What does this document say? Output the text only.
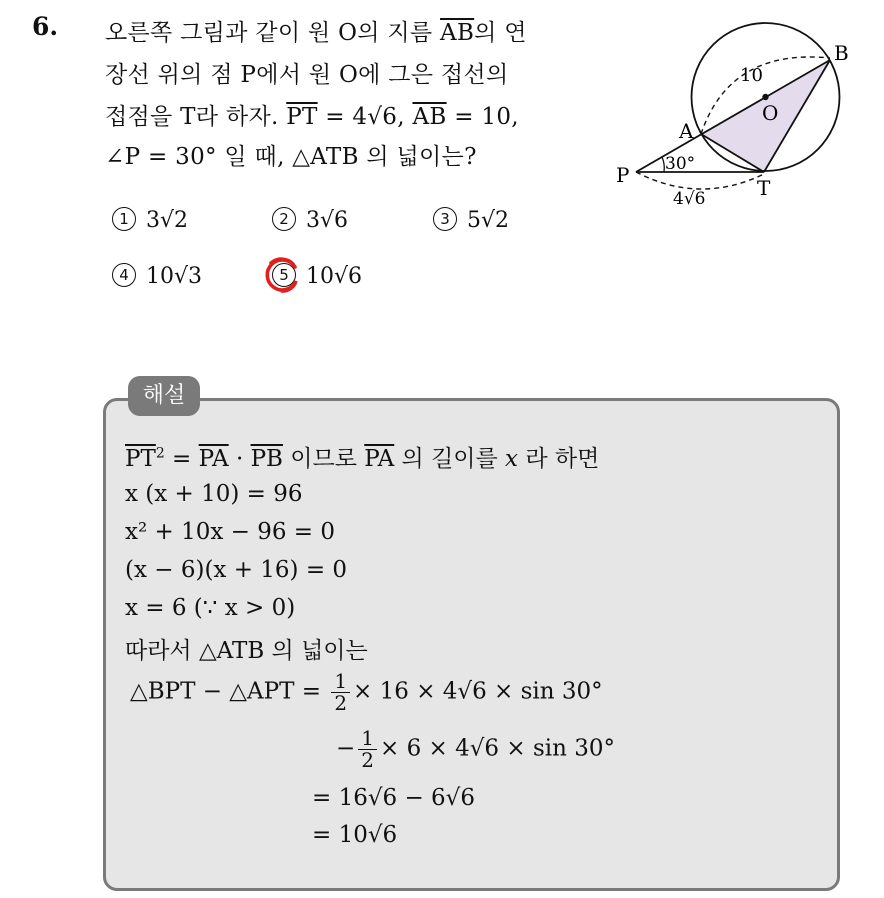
6. 오른쪽 그림과 같이 원 O의 지름 $\overline{AB}$의 연
장선 위의 점 P에서 원 O에 그은 접선의
접점을 T라 하자. $\overline{PT} = 4√6$, $\overline{AB} = 10$,
∠P = 30° 일 때, △ATB 의 넓이는?
B
O
A
P
T
10
30°
4√6
1 3√2	2 3√6	3 5√2
4 10√3	5 10√6
해설
$\overline{PT}^2 = \overline{PA} \cdot \overline{PB}$ 이므로 $\overline{PA}$ 의 길이를 x 라 하면
x (x + 10) = 96
x² + 10x − 96 = 0
(x − 6)(x + 16) = 0
x = 6 (∵ x > 0)
따라서 △ATB 의 넓이는
△BPT − △APT = $\frac{1}{2} \times 16 \times 4√6 \times \sin 30^\circ$
− $\frac{1}{2} \times 6 \times 4√6 \times \sin 30^\circ$
= 16√6 − 6√6
= 10√6
